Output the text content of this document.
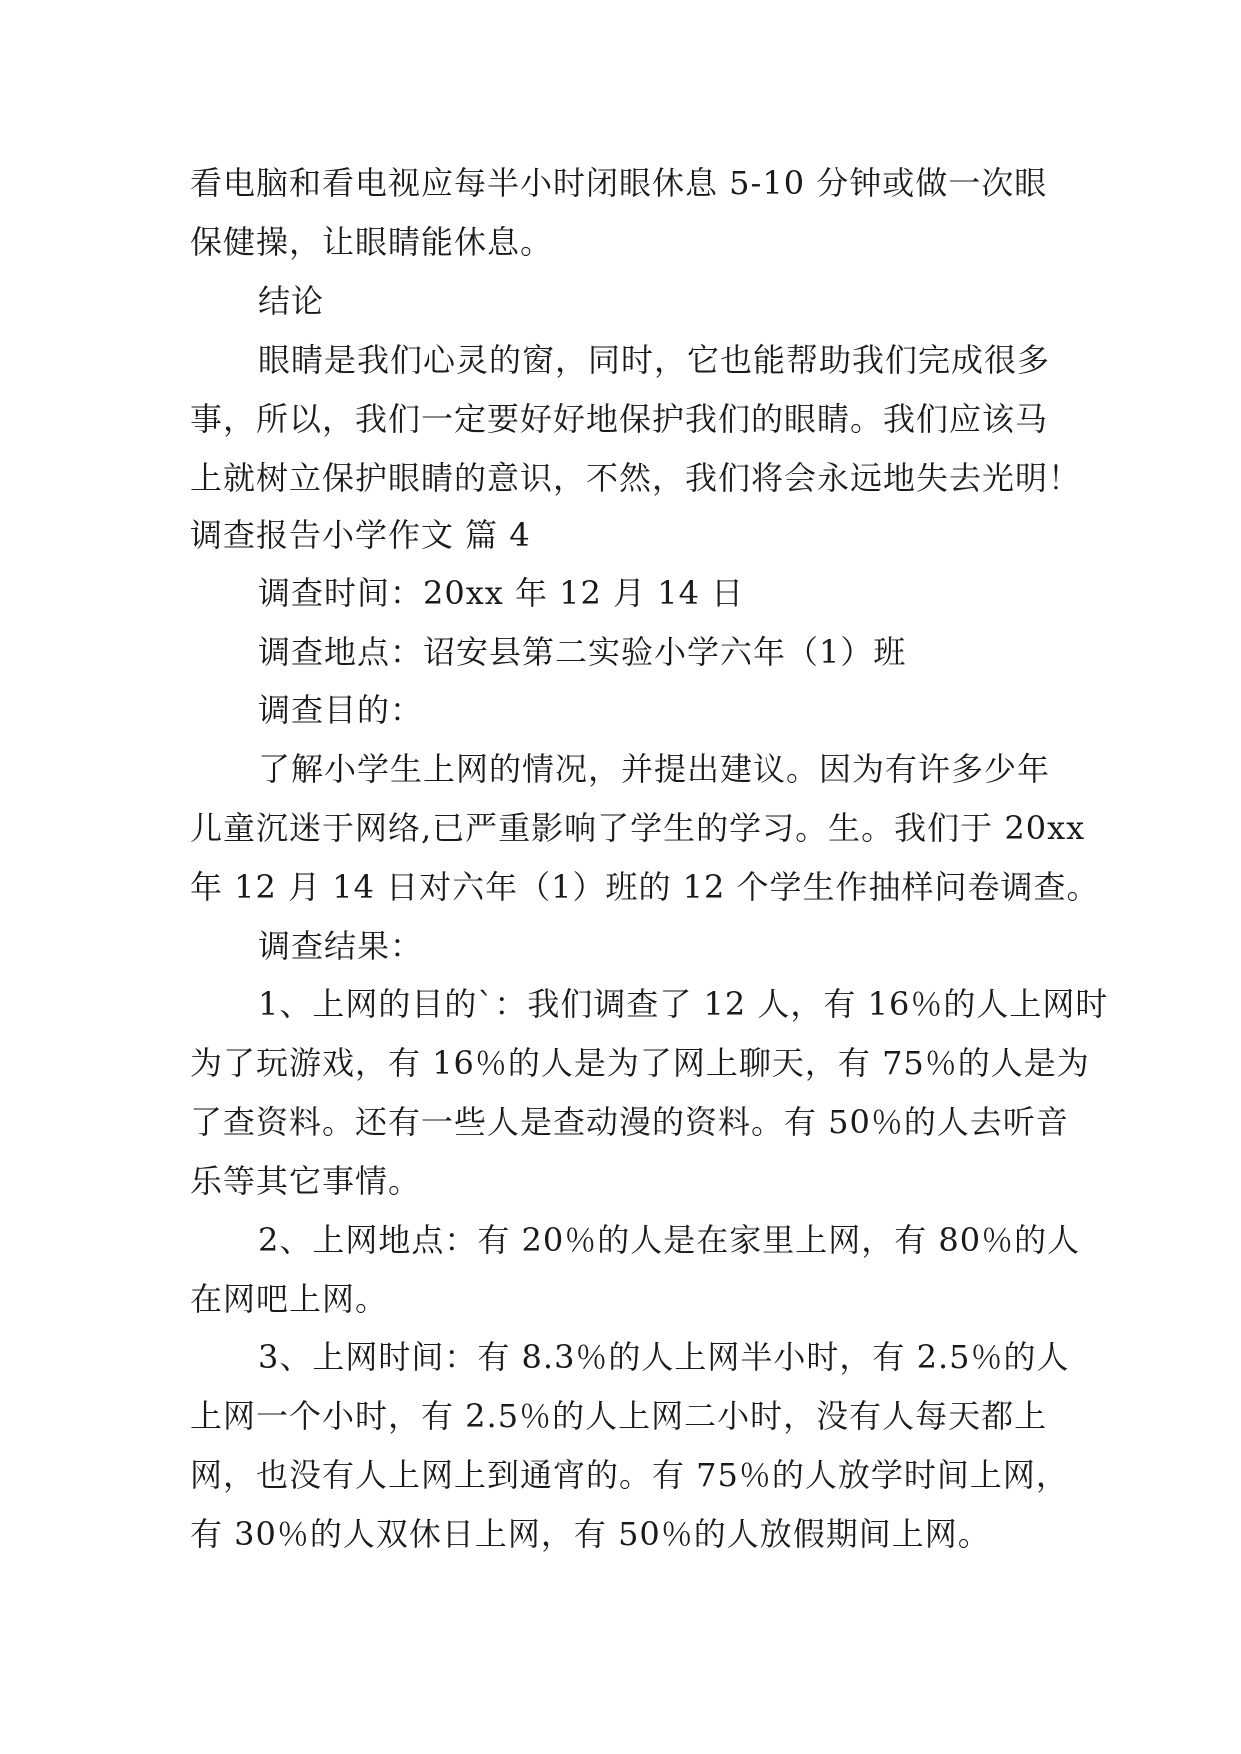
看电脑和看电视应每半小时闭眼休息 5-10 分钟或做一次眼
保健操，让眼睛能休息。
结论
眼睛是我们心灵的窗，同时，它也能帮助我们完成很多
事，所以，我们一定要好好地保护我们的眼睛。我们应该马
上就树立保护眼睛的意识，不然，我们将会永远地失去光明！
调查报告小学作文 篇 4
调查时间：20xx 年 12 月 14 日
调查地点：诏安县第二实验小学六年（1）班
调查目的：
了解小学生上网的情况，并提出建议。因为有许多少年
儿童沉迷于网络,已严重影响了学生的学习。生。我们于 20xx
年 12 月 14 日对六年（1）班的 12 个学生作抽样问卷调查。
调查结果：
1、上网的目的`：我们调查了 12 人，有 16％的人上网时
为了玩游戏，有 16％的人是为了网上聊天，有 75％的人是为
了查资料。还有一些人是查动漫的资料。有 50％的人去听音
乐等其它事情。
2、上网地点：有 20％的人是在家里上网，有 80％的人
在网吧上网。
3、上网时间：有 8.3％的人上网半小时，有 2.5％的人
上网一个小时，有 2.5％的人上网二小时，没有人每天都上
网，也没有人上网上到通宵的。有 75％的人放学时间上网，
有 30％的人双休日上网，有 50％的人放假期间上网。
